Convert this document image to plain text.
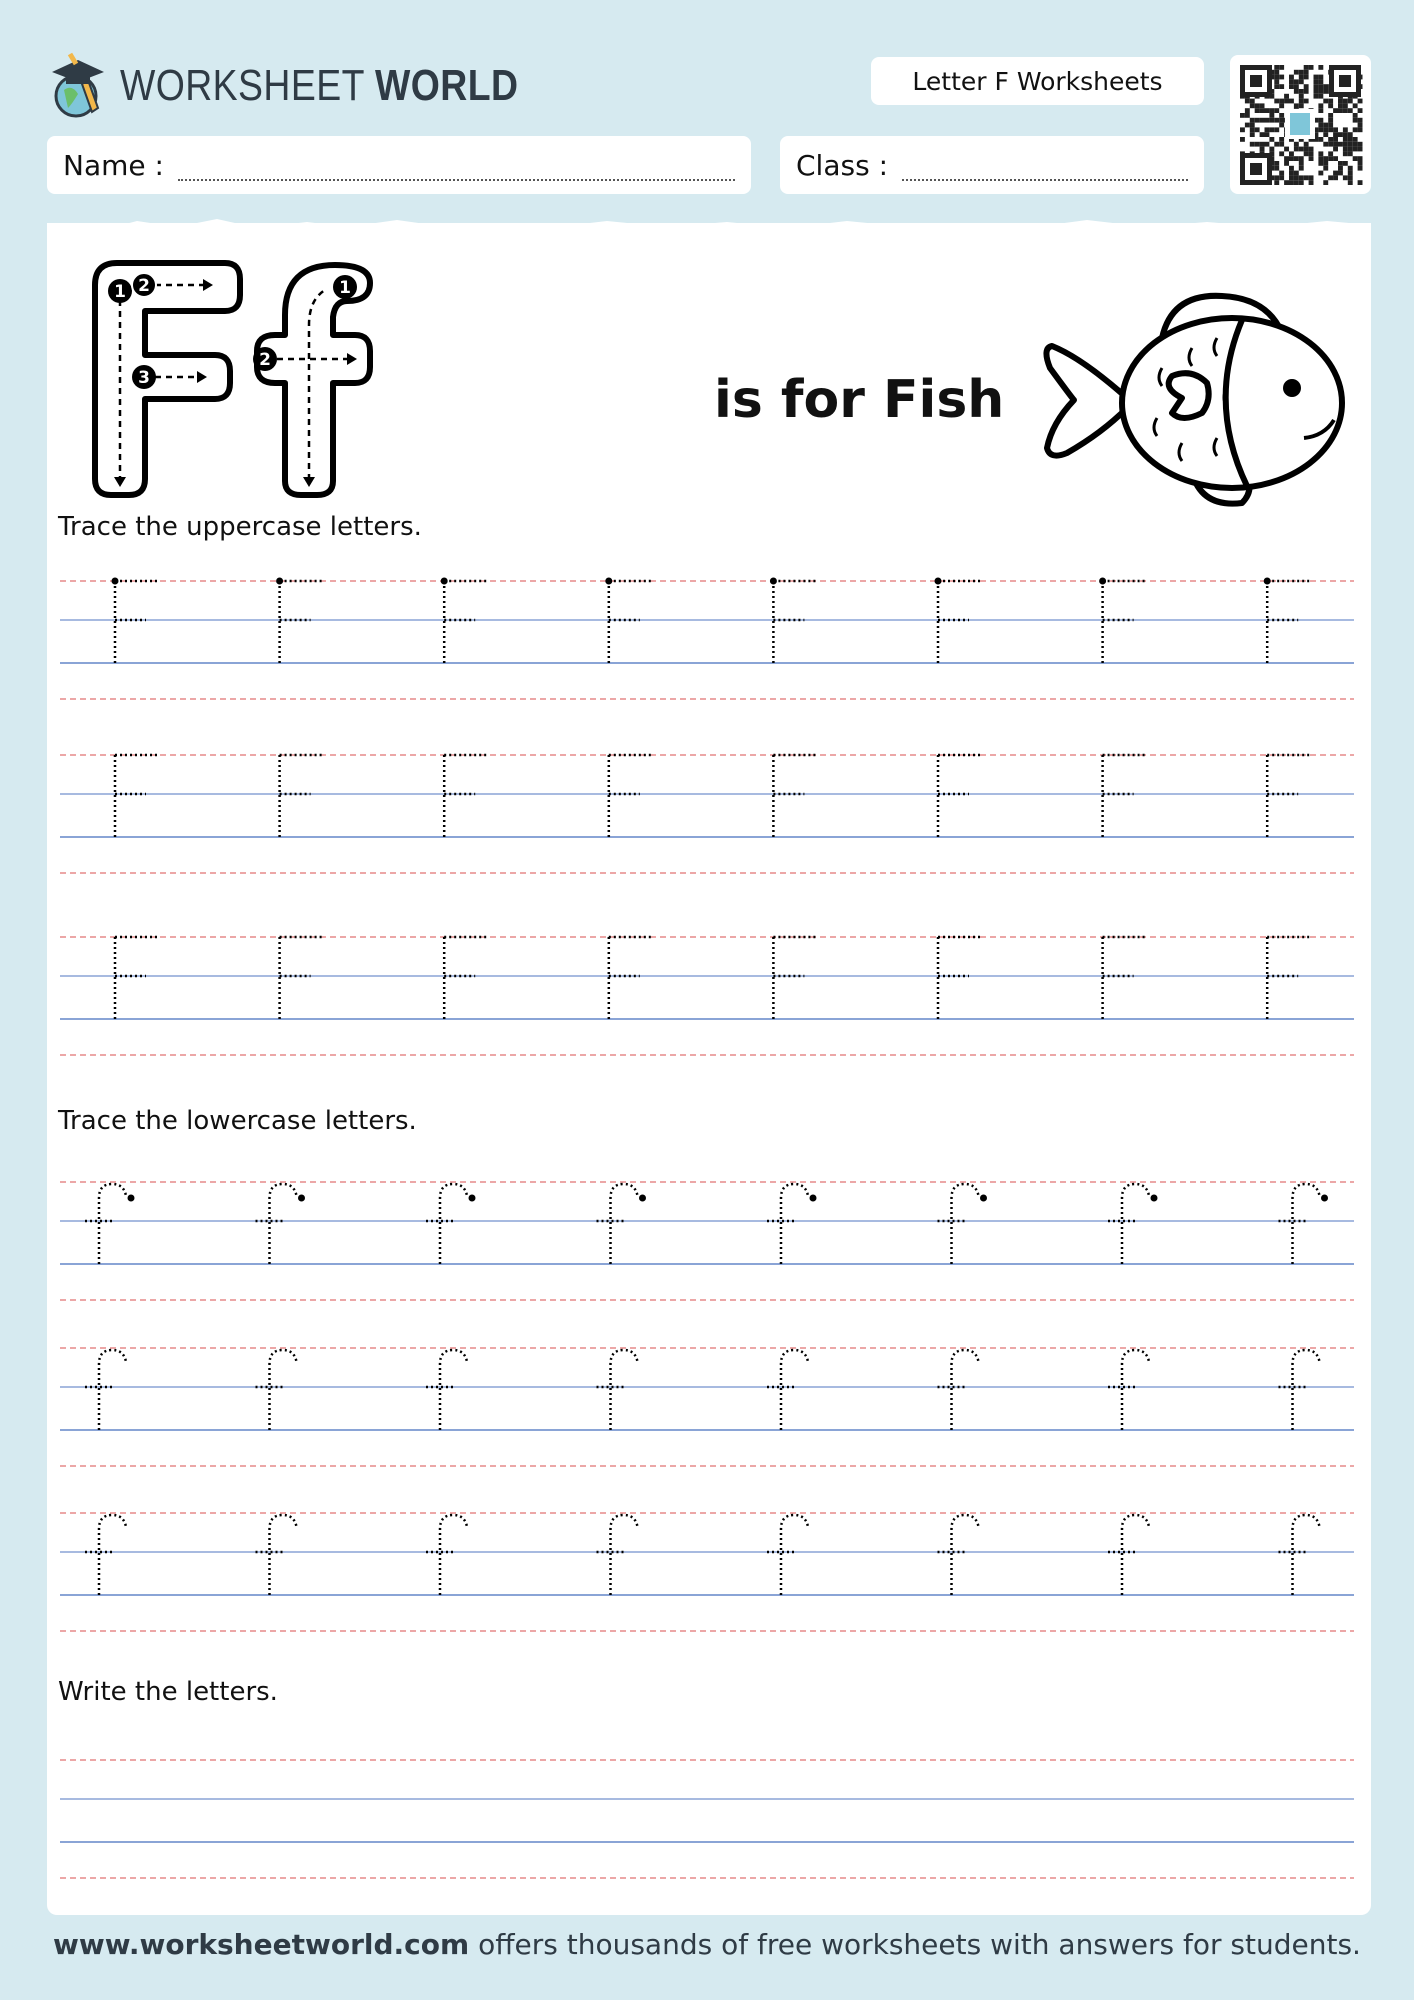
WORKSHEET WORLD	Letter F Worksheets
Name :	Class :
1 2
3
1
2
is for Fish
Trace the uppercase letters.
Trace the lowercase letters.
Write the letters.
www.worksheetworld.com offers thousands of free worksheets with answers for students.
